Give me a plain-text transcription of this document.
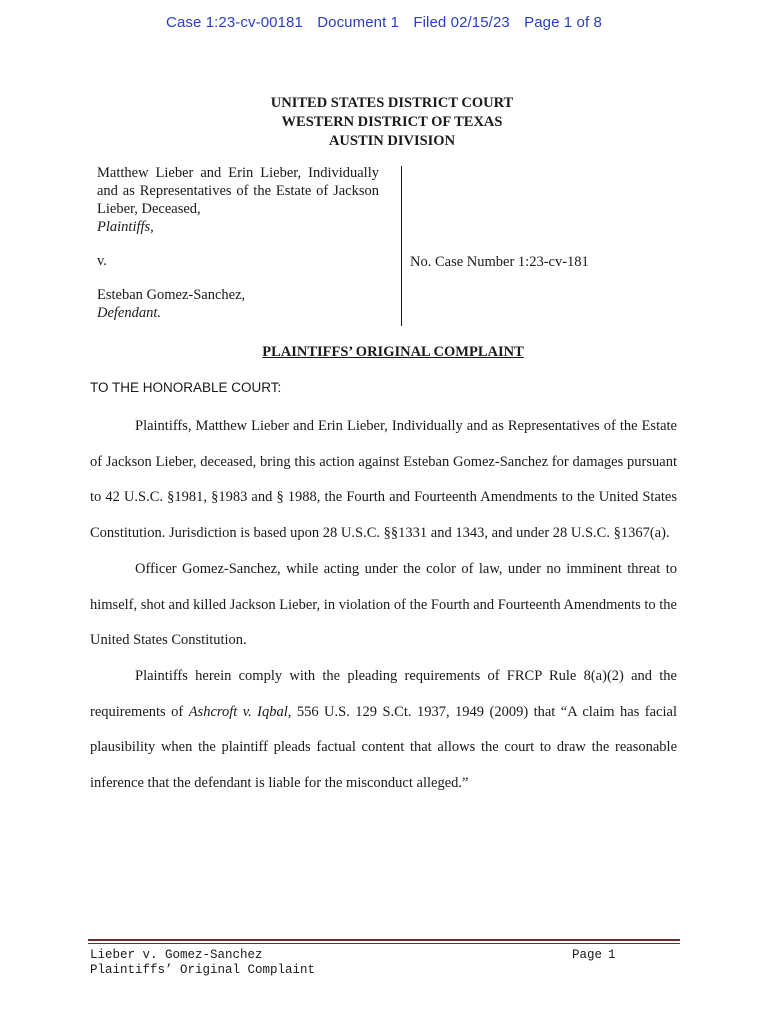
Case 1:23-cv-00181 Document 1 Filed 02/15/23 Page 1 of 8
UNITED STATES DISTRICT COURT
WESTERN DISTRICT OF TEXAS
AUSTIN DIVISION
Matthew Lieber and Erin Lieber, Individually and as Representatives of the Estate of Jackson Lieber, Deceased,
Plaintiffs,
v.
Esteban Gomez-Sanchez,
Defendant.
No. Case Number 1:23-cv-181
PLAINTIFFS’ ORIGINAL COMPLAINT
TO THE HONORABLE COURT:

Plaintiffs, Matthew Lieber and Erin Lieber, Individually and as Representatives of the Estate of Jackson Lieber, deceased, bring this action against Esteban Gomez-Sanchez for damages pursuant to 42 U.S.C. §1981, §1983 and § 1988, the Fourth and Fourteenth Amendments to the United States Constitution. Jurisdiction is based upon 28 U.S.C. §§1331 and 1343, and under 28 U.S.C. §1367(a).

Officer Gomez-Sanchez, while acting under the color of law, under no imminent threat to himself, shot and killed Jackson Lieber, in violation of the Fourth and Fourteenth Amendments to the United States Constitution.

Plaintiffs herein comply with the pleading requirements of FRCP Rule 8(a)(2) and the requirements of Ashcroft v. Iqbal, 556 U.S. 129 S.Ct. 1937, 1949 (2009) that “A claim has facial plausibility when the plaintiff pleads factual content that allows the court to draw the reasonable inference that the defendant is liable for the misconduct alleged.”

Lieber v. Gomez-Sanchez
Plaintiffs’ Original Complaint
Page 1
